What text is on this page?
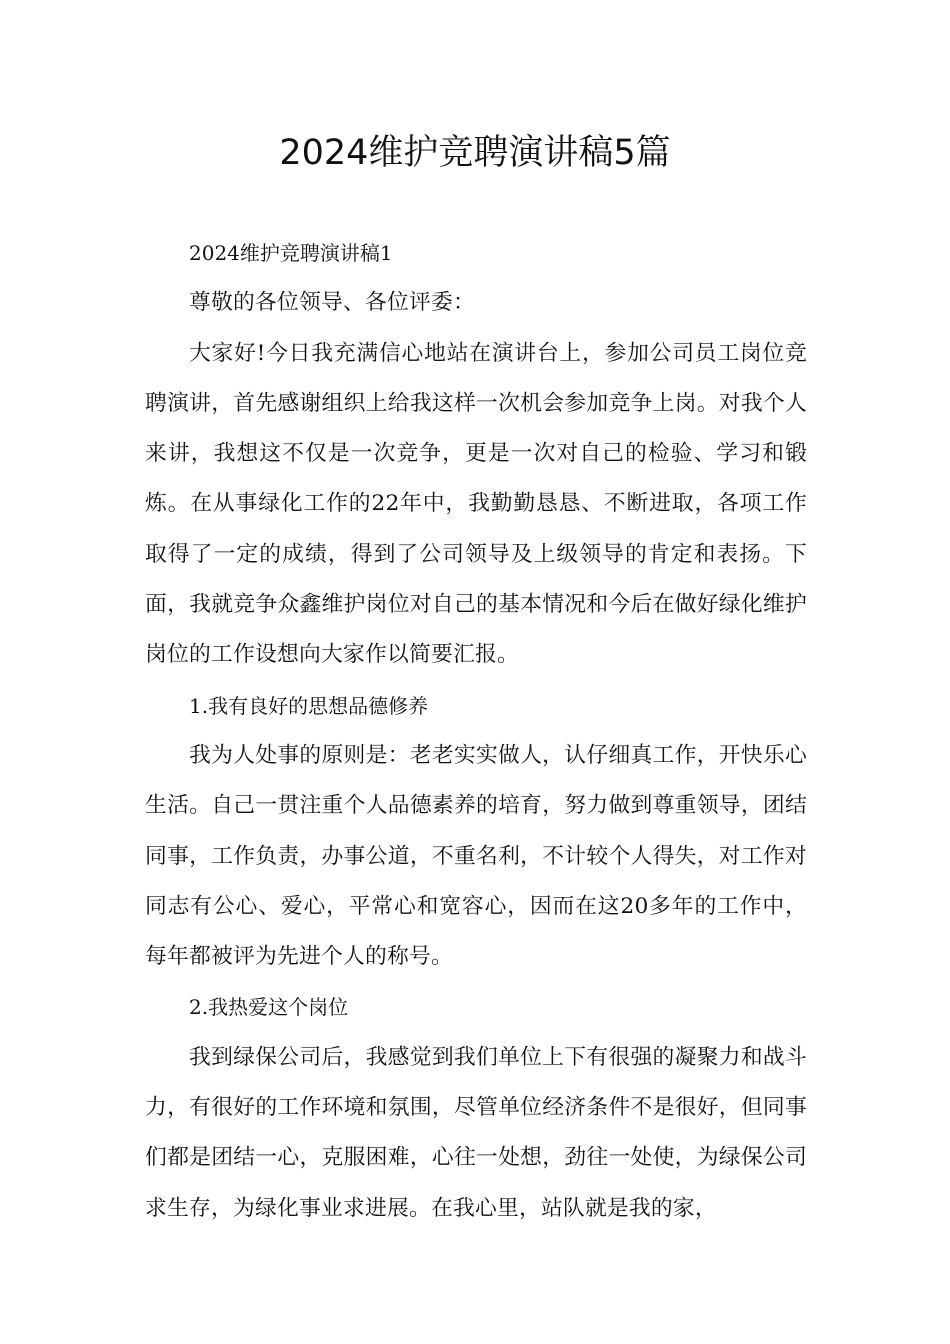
2024维护竞聘演讲稿5篇

2024维护竞聘演讲稿1

尊敬的各位领导、各位评委：

大家好!今日我充满信心地站在演讲台上，参加公司员工岗位竞聘演讲，首先感谢组织上给我这样一次机会参加竞争上岗。对我个人来讲，我想这不仅是一次竞争，更是一次对自己的检验、学习和锻炼。在从事绿化工作的22年中，我勤勤恳恳、不断进取，各项工作取得了一定的成绩，得到了公司领导及上级领导的肯定和表扬。下面，我就竞争众鑫维护岗位对自己的基本情况和今后在做好绿化维护岗位的工作设想向大家作以简要汇报。

1.我有良好的思想品德修养

我为人处事的原则是：老老实实做人，认仔细真工作，开快乐心生活。自己一贯注重个人品德素养的培育，努力做到尊重领导，团结同事，工作负责，办事公道，不重名利，不计较个人得失，对工作对同志有公心、爱心，平常心和宽容心，因而在这20多年的工作中，每年都被评为先进个人的称号。

2.我热爱这个岗位

我到绿保公司后，我感觉到我们单位上下有很强的凝聚力和战斗力，有很好的工作环境和氛围，尽管单位经济条件不是很好，但同事们都是团结一心，克服困难，心往一处想，劲往一处使，为绿保公司求生存，为绿化事业求进展。在我心里，站队就是我的家，
